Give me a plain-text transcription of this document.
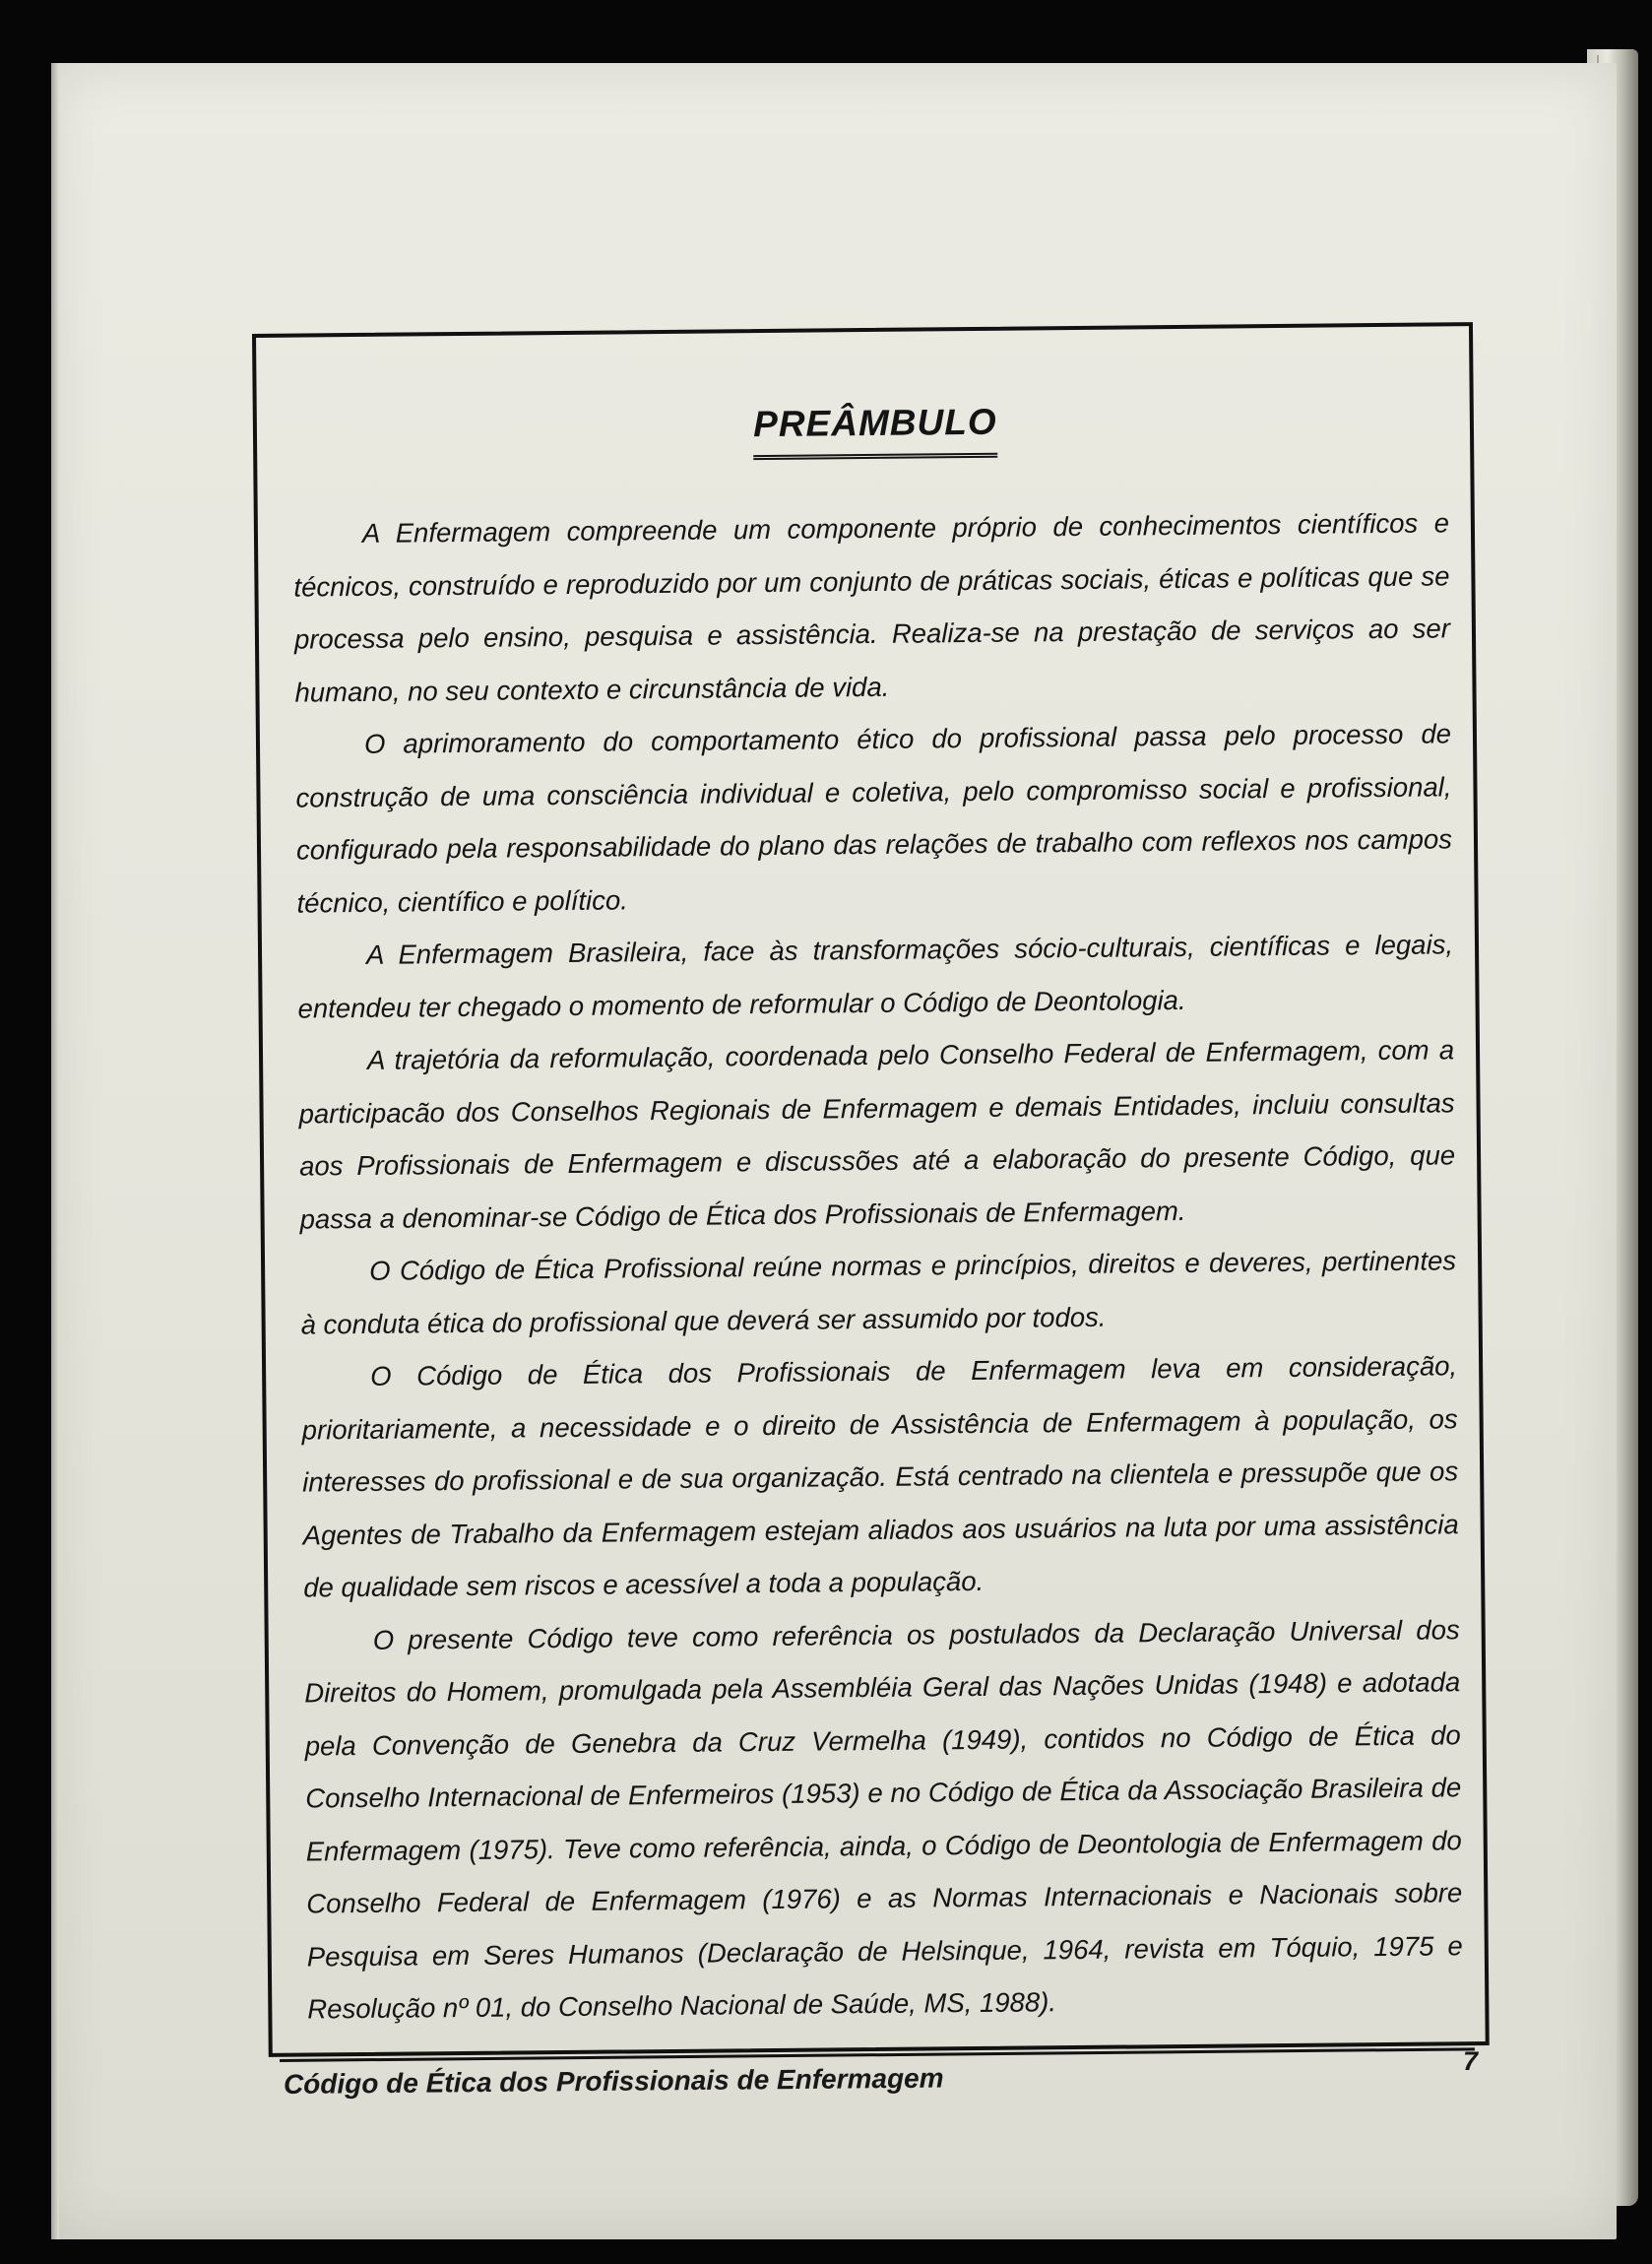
PREÂMBULO

A Enfermagem compreende um componente próprio de conhecimentos científicos e técnicos, construído e reproduzido por um conjunto de práticas sociais, éticas e políticas que se processa pelo ensino, pesquisa e assistência. Realiza-se na prestação de serviços ao ser humano, no seu contexto e circunstância de vida.

O aprimoramento do comportamento ético do profissional passa pelo processo de construção de uma consciência individual e coletiva, pelo compromisso social e profissional, configurado pela responsabilidade do plano das relações de trabalho com reflexos nos campos técnico, científico e político.

A Enfermagem Brasileira, face às transformações sócio-culturais, científicas e legais, entendeu ter chegado o momento de reformular o Código de Deontologia.

A trajetória da reformulação, coordenada pelo Conselho Federal de Enfermagem, com a participacão dos Conselhos Regionais de Enfermagem e demais Entidades, incluiu consultas aos Profissionais de Enfermagem e discussões até a elaboração do presente Código, que passa a denominar-se Código de Ética dos Profissionais de Enfermagem.

O Código de Ética Profissional reúne normas e princípios, direitos e deveres, pertinentes à conduta ética do profissional que deverá ser assumido por todos.

O Código de Ética dos Profissionais de Enfermagem leva em consideração, prioritariamente, a necessidade e o direito de Assistência de Enfermagem à população, os interesses do profissional e de sua organização. Está centrado na clientela e pressupõe que os Agentes de Trabalho da Enfermagem estejam aliados aos usuários na luta por uma assistência de qualidade sem riscos e acessível a toda a população.

O presente Código teve como referência os postulados da Declaração Universal dos Direitos do Homem, promulgada pela Assembléia Geral das Nações Unidas (1948) e adotada pela Convenção de Genebra da Cruz Vermelha (1949), contidos no Código de Ética do Conselho Internacional de Enfermeiros (1953) e no Código de Ética da Associação Brasileira de Enfermagem (1975). Teve como referência, ainda, o Código de Deontologia de Enfermagem do Conselho Federal de Enfermagem (1976) e as Normas Internacionais e Nacionais sobre Pesquisa em Seres Humanos (Declaração de Helsinque, 1964, revista em Tóquio, 1975 e Resolução nº 01, do Conselho Nacional de Saúde, MS, 1988).

Código de Ética dos Profissionais de Enfermagem
7
